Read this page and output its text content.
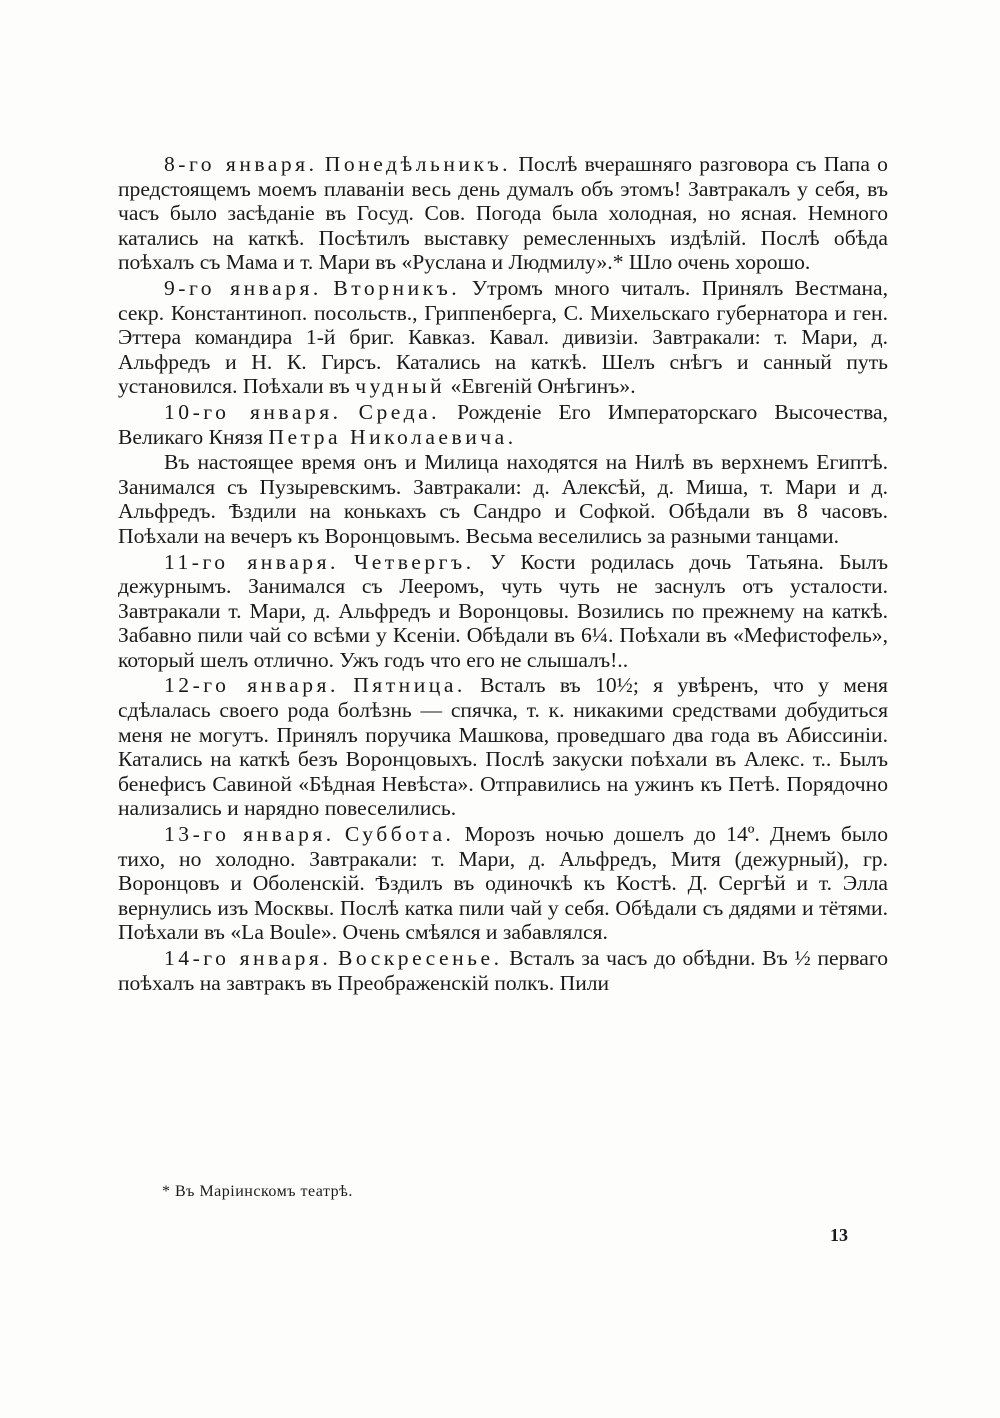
8-го января. Понедѣльникъ. Послѣ вчерашняго разговора съ Папа о предстоящемъ моемъ плаванiи весь день думалъ объ этомъ! Завтракалъ у себя, въ часъ было засѣданiе въ Госуд. Сов. Погода была холодная, но ясная. Немного катались на каткѣ. Посѣтилъ выставку ремесленныхъ издѣлiй. Послѣ обѣда поѣхалъ съ Мама и т. Мари въ «Руслана и Людмилу».* Шло очень хорошо.

9-го января. Вторникъ. Утромъ много читалъ. Принялъ Вестмана, секр. Константиноп. посольств., Гриппенберга, С. Михельскаго губернатора и ген. Эттера командира 1-й бриг. Кавказ. Кавал. дивизiи. Завтракали: т. Мари, д. Альфредъ и Н. К. Гирсъ. Катались на каткѣ. Шелъ снѣгъ и санный путь установился. Поѣхали въ чудный «Евгенiй Онѣгинъ».

10-го января. Среда. Рожденiе Его Императорскаго Высочества, Великаго Князя Петра Николаевича.

Въ настоящее время онъ и Милица находятся на Нилѣ въ верхнемъ Египтѣ. Занимался съ Пузыревскимъ. Завтракали: д. Алексѣй, д. Миша, т. Мари и д. Альфредъ. Ѣздили на конькахъ съ Сандро и Софкой. Обѣдали въ 8 часовъ. Поѣхали на вечеръ къ Воронцовымъ. Весьма веселились за разными танцами.

11-го января. Четвергъ. У Кости родилась дочь Татьяна. Былъ дежурнымъ. Занимался съ Лееромъ, чуть чуть не заснулъ отъ усталости. Завтракали т. Мари, д. Альфредъ и Воронцовы. Возились по прежнему на каткѣ. Забавно пили чай со всѣми у Ксенiи. Обѣдали въ 6¼. Поѣхали въ «Мефистофель», который шелъ отлично. Ужъ годъ что его не слышалъ!..

12-го января. Пятница. Всталъ въ 10½; я увѣренъ, что у меня сдѣлалась своего рода болѣзнь — спячка, т. к. никакими средствами добудиться меня не могутъ. Принялъ поручика Машкова, проведшаго два года въ Абиссинiи. Катались на каткѣ безъ Воронцовыхъ. Послѣ закуски поѣхали въ Алекс. т.. Былъ бенефисъ Савиной «Бѣдная Невѣста». Отправились на ужинъ къ Петѣ. Порядочно нализались и нарядно повеселились.

13-го января. Суббота. Морозъ ночью дошелъ до 14º. Днемъ было тихо, но холодно. Завтракали: т. Мари, д. Альфредъ, Митя (дежурный), гр. Воронцовъ и Оболенскiй. Ѣздилъ въ одиночкѣ къ Костѣ. Д. Сергѣй и т. Элла вернулись изъ Москвы. Послѣ катка пили чай у себя. Обѣдали съ дядями и тётями. Поѣхали въ «La Boule». Очень смѣялся и забавлялся.

14-го января. Воскресенье. Всталъ за часъ до обѣдни. Въ ½ перваго поѣхалъ на завтракъ въ Преображенскiй полкъ. Пили

* Въ Марiинскомъ театрѣ.
13
